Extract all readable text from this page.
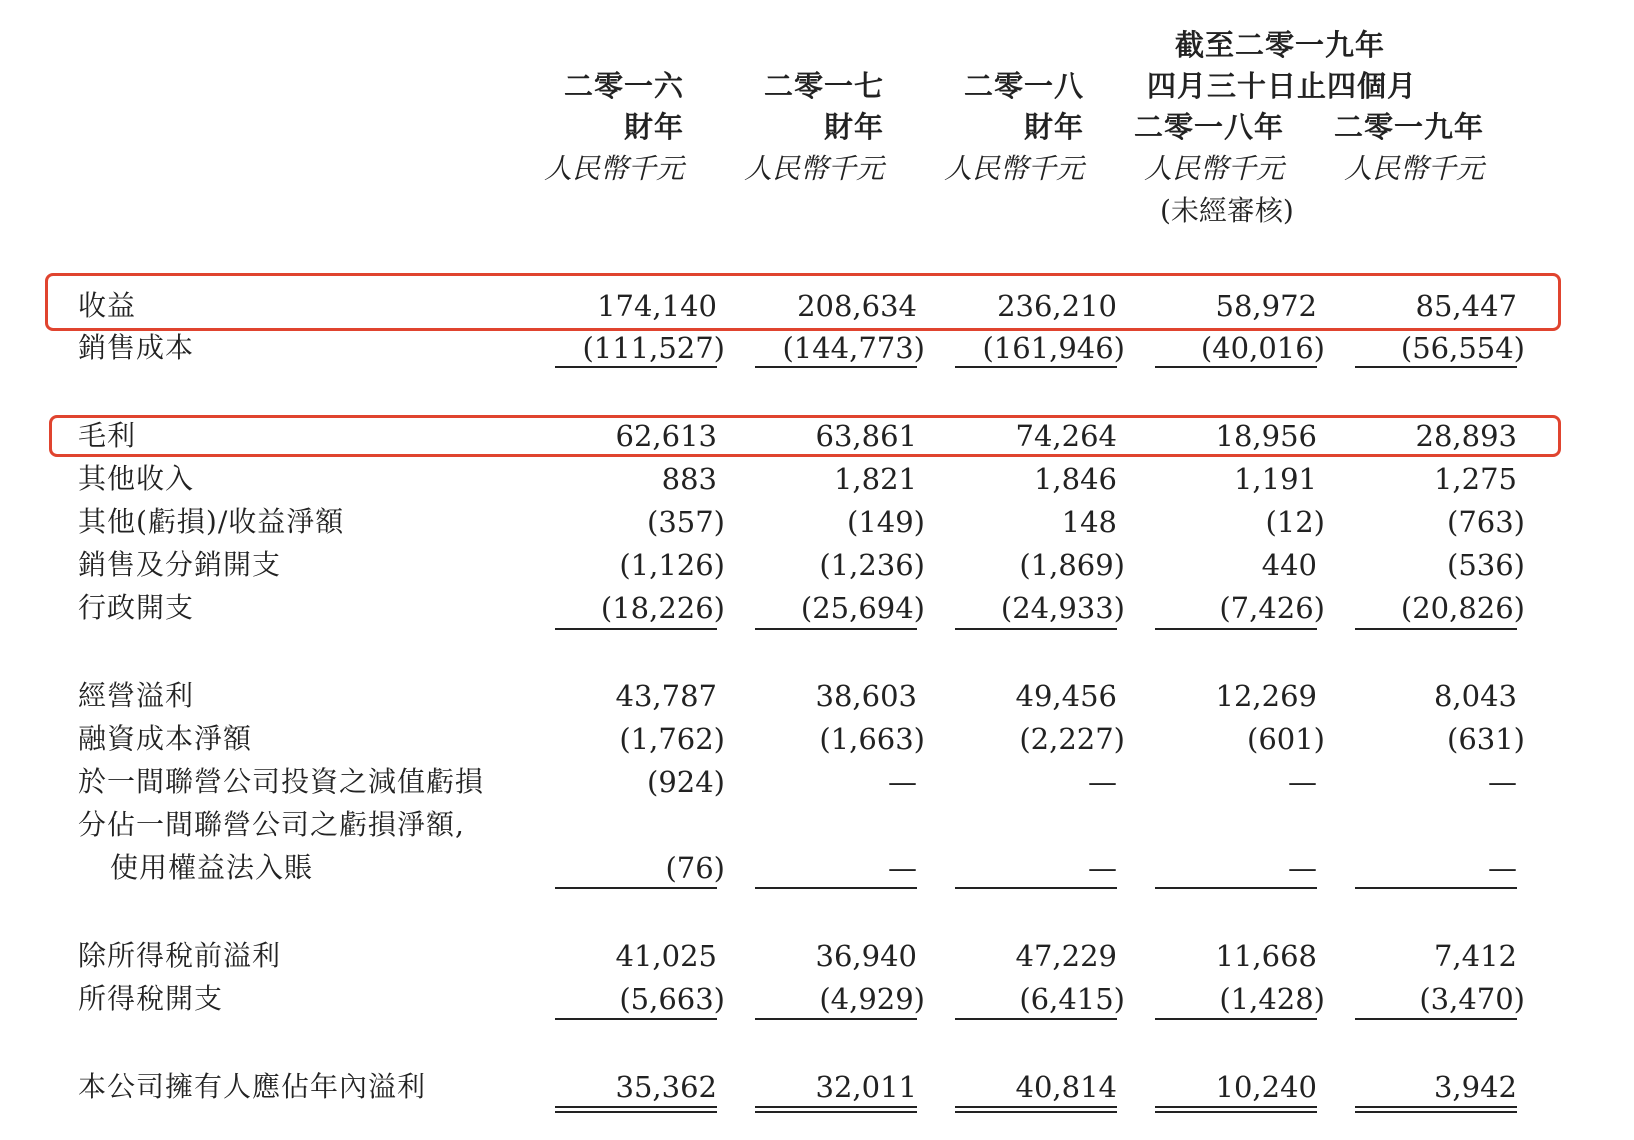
截至二零一九年
四月三十日止四個月
二零一六	二零一七	二零一八
財年	財年	財年 二零一八年 二零一九年
人民幣千元 人民幣千元 人民幣千元 人民幣千元 人民幣千元
(未經審核)
收益	174,140	208,634	236,210	58,972	85,447
銷售成本	(111,527) (144,773) (161,946)	(40,016)	(56,554)
毛利	62,613	63,861	74,264	18,956	28,893
其他收入	883	1,821	1,846	1,191	1,275
其他(虧損)/收益淨額	(357)	(149)	148	(12)	(763)
銷售及分銷開支	(1,126)	(1,236)	(1,869)	440	(536)
行政開支	(18,226)	(25,694)	(24,933)	(7,426)	(20,826)
經營溢利	43,787	38,603	49,456	12,269	8,043
融資成本淨額	(1,762)	(1,663)	(2,227)	(601)	(631)
於一間聯營公司投資之減值虧損	(924)	—	—	—	—
分佔一間聯營公司之虧損淨額,
使用權益法入賬	(76)	—	—	—	—
除所得稅前溢利	41,025	36,940	47,229	11,668	7,412
所得稅開支	(5,663)	(4,929)	(6,415)	(1,428)	(3,470)
本公司擁有人應佔年內溢利	35,362	32,011	40,814	10,240	3,942
